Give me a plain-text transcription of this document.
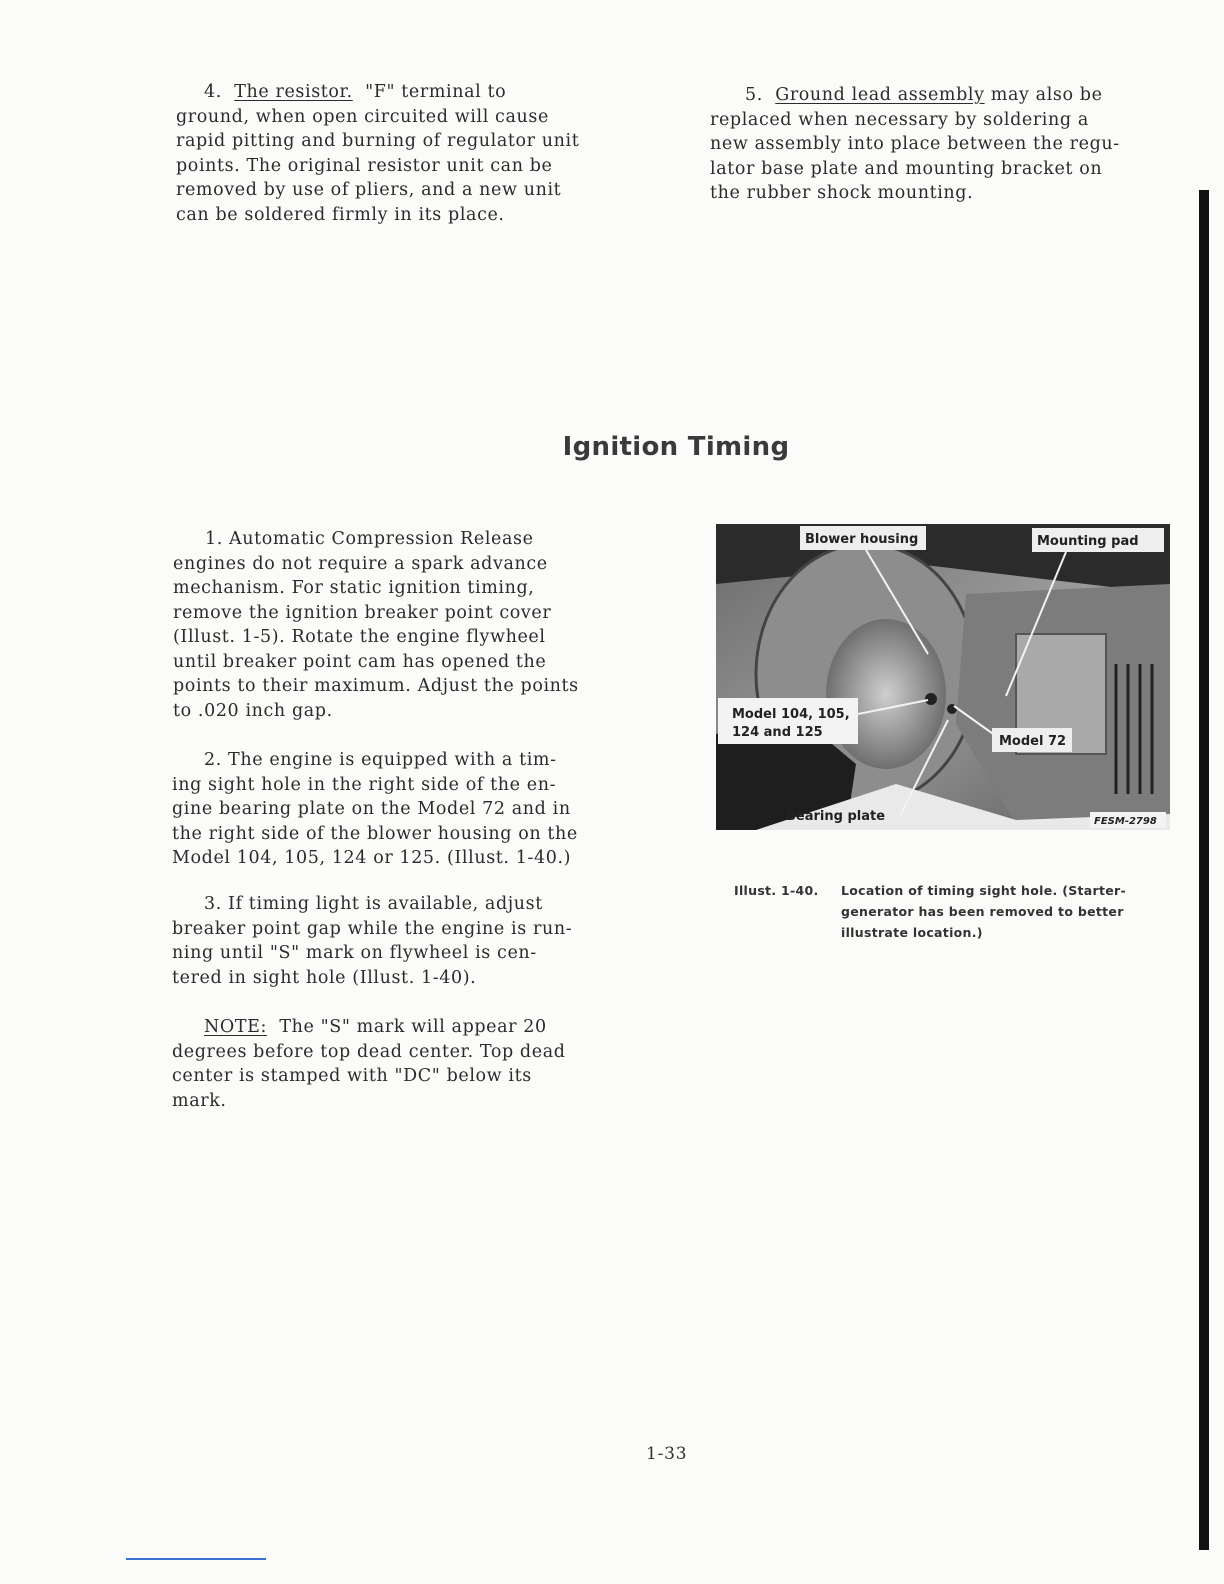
4. The resistor. "F" terminal to
ground, when open circuited will cause
rapid pitting and burning of regulator unit
points. The original resistor unit can be
removed by use of pliers, and a new unit
can be soldered firmly in its place.
5. Ground lead assembly may also be
replaced when necessary by soldering a
new assembly into place between the regu-
lator base plate and mounting bracket on
the rubber shock mounting.
Ignition Timing
1. Automatic Compression Release
engines do not require a spark advance
mechanism. For static ignition timing,
remove the ignition breaker point cover
(Illust. 1-5). Rotate the engine flywheel
until breaker point cam has opened the
points to their maximum. Adjust the points
to .020 inch gap.
2. The engine is equipped with a tim-
ing sight hole in the right side of the en-
gine bearing plate on the Model 72 and in
the right side of the blower housing on the
Model 104, 105, 124 or 125. (Illust. 1-40.)
3. If timing light is available, adjust
breaker point gap while the engine is run-
ning until "S" mark on flywheel is cen-
tered in sight hole (Illust. 1-40).
NOTE: The "S" mark will appear 20
degrees before top dead center. Top dead
center is stamped with "DC" below its
mark.
Blower housing	Mounting pad
Model 104, 105,
124 and 125
Model 72
Bearing plate	FESM-2798
Illust. 1-40. Location of timing sight hole. (Starter-
generator has been removed to better
illustrate location.)
1-33
